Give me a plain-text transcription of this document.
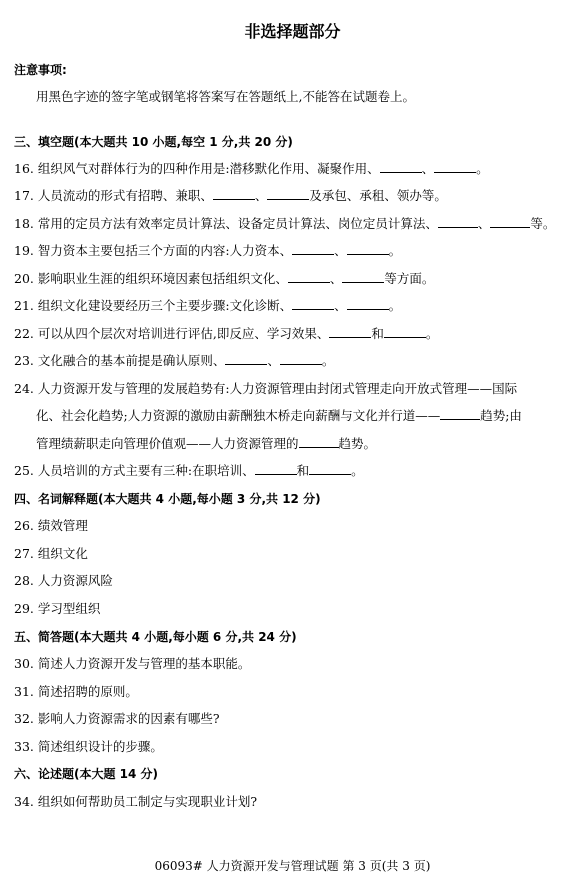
非选择题部分
注意事项:
用黑色字迹的签字笔或钢笔将答案写在答题纸上,不能答在试题卷上。
三、填空题(本大题共 10 小题,每空 1 分,共 20 分)
16. 组织风气对群体行为的四种作用是:潜移默化作用、凝聚作用、	、	。
17. 人员流动的形式有招聘、兼职、	、	及承包、承租、领办等。
18. 常用的定员方法有效率定员计算法、设备定员计算法、岗位定员计算法、	、	等。
19. 智力资本主要包括三个方面的内容:人力资本、	、	。
20. 影响职业生涯的组织环境因素包括组织文化、	、	等方面。
21. 组织文化建设要经历三个主要步骤:文化诊断、	、	。
22. 可以从四个层次对培训进行评估,即反应、学习效果、	和	。
23. 文化融合的基本前提是确认原则、	、	。
24. 人力资源开发与管理的发展趋势有:人力资源管理由封闭式管理走向开放式管理——国际
化、社会化趋势;人力资源的激励由薪酬独木桥走向薪酬与文化并行道——	趋势;由
管理绩薪职走向管理价值观——人力资源管理的	趋势。
25. 人员培训的方式主要有三种:在职培训、	和	。
四、名词解释题(本大题共 4 小题,每小题 3 分,共 12 分)
26. 绩效管理
27. 组织文化
28. 人力资源风险
29. 学习型组织
五、简答题(本大题共 4 小题,每小题 6 分,共 24 分)
30. 简述人力资源开发与管理的基本职能。
31. 简述招聘的原则。
32. 影响人力资源需求的因素有哪些?
33. 简述组织设计的步骤。
六、论述题(本大题 14 分)
34. 组织如何帮助员工制定与实现职业计划?
06093# 人力资源开发与管理试题 第 3 页(共 3 页)
